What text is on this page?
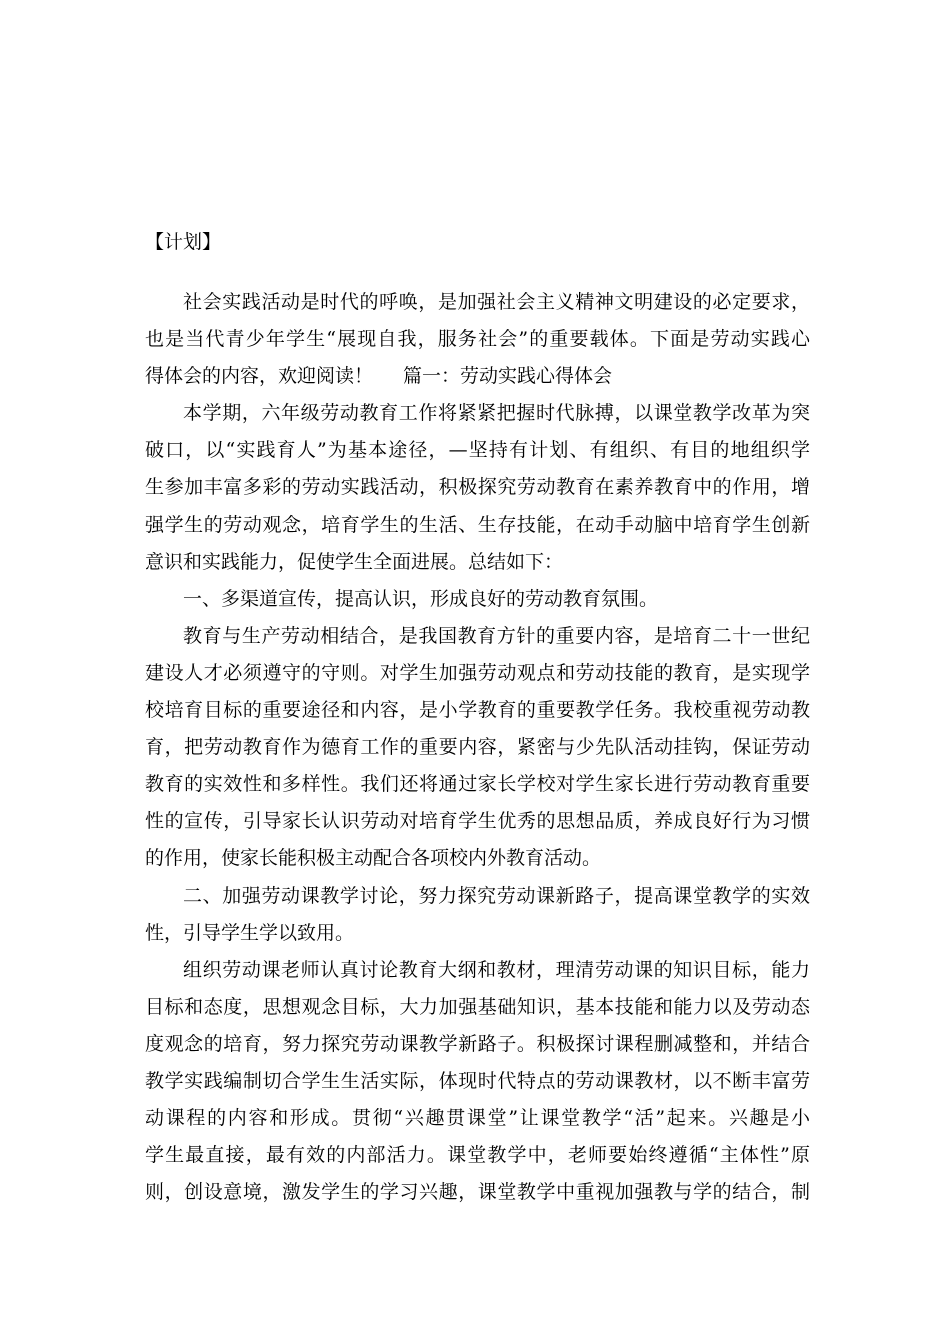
【计划】
社会实践活动是时代的呼唤，是加强社会主义精神文明建设的必定要求，
也是当代青少年学生“展现自我，服务社会”的重要载体。下面是劳动实践心
得体会的内容，欢迎阅读！ 篇一：劳动实践心得体会
本学期，六年级劳动教育工作将紧紧把握时代脉搏，以课堂教学改革为突
破口，以“实践育人”为基本途径，—坚持有计划、有组织、有目的地组织学
生参加丰富多彩的劳动实践活动，积极探究劳动教育在素养教育中的作用，增
强学生的劳动观念，培育学生的生活、生存技能，在动手动脑中培育学生创新
意识和实践能力，促使学生全面进展。总结如下：
一、多渠道宣传，提高认识，形成良好的劳动教育氛围。
教育与生产劳动相结合，是我国教育方针的重要内容，是培育二十一世纪
建设人才必须遵守的守则。对学生加强劳动观点和劳动技能的教育，是实现学
校培育目标的重要途径和内容，是小学教育的重要教学任务。我校重视劳动教
育，把劳动教育作为德育工作的重要内容，紧密与少先队活动挂钩，保证劳动
教育的实效性和多样性。我们还将通过家长学校对学生家长进行劳动教育重要
性的宣传，引导家长认识劳动对培育学生优秀的思想品质，养成良好行为习惯
的作用，使家长能积极主动配合各项校内外教育活动。
二、加强劳动课教学讨论，努力探究劳动课新路子，提高课堂教学的实效
性，引导学生学以致用。
组织劳动课老师认真讨论教育大纲和教材，理清劳动课的知识目标，能力
目标和态度，思想观念目标，大力加强基础知识，基本技能和能力以及劳动态
度观念的培育，努力探究劳动课教学新路子。积极探讨课程删减整和，并结合
教学实践编制切合学生生活实际，体现时代特点的劳动课教材，以不断丰富劳
动课程的内容和形成。贯彻“兴趣贯课堂”让课堂教学“活”起来。兴趣是小
学生最直接，最有效的内部活力。课堂教学中，老师要始终遵循“主体性”原
则，创设意境，激发学生的学习兴趣，课堂教学中重视加强教与学的结合，制
